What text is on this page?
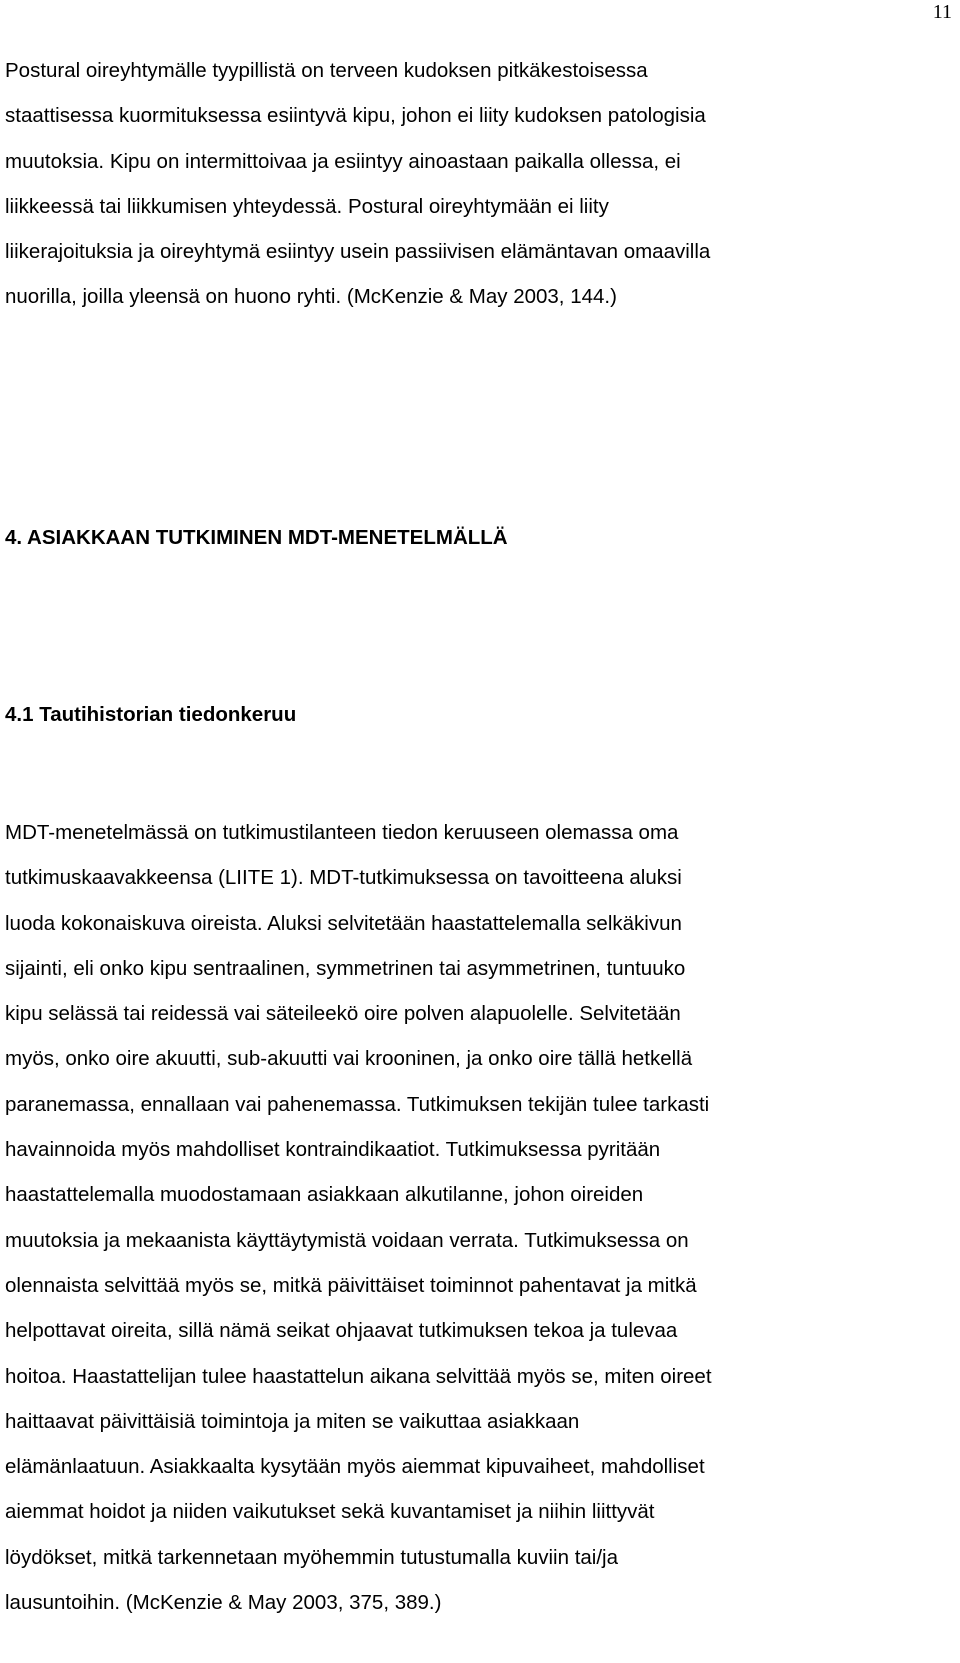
11

Postural oireyhtymälle tyypillistä on terveen kudoksen pitkäkestoisessa
staattisessa kuormituksessa esiintyvä kipu, johon ei liity kudoksen patologisia
muutoksia. Kipu on intermittoivaa ja esiintyy ainoastaan paikalla ollessa, ei
liikkeessä tai liikkumisen yhteydessä. Postural oireyhtymään ei liity
liikerajoituksia ja oireyhtymä esiintyy usein passiivisen elämäntavan omaavilla
nuorilla, joilla yleensä on huono ryhti. (McKenzie & May 2003, 144.)

4. ASIAKKAAN TUTKIMINEN MDT-MENETELMÄLLÄ
4.1 Tautihistorian tiedonkeruu

MDT-menetelmässä on tutkimustilanteen tiedon keruuseen olemassa oma
tutkimuskaavakkeensa (LIITE 1). MDT-tutkimuksessa on tavoitteena aluksi
luoda kokonaiskuva oireista. Aluksi selvitetään haastattelemalla selkäkivun
sijainti, eli onko kipu sentraalinen, symmetrinen tai asymmetrinen, tuntuuko
kipu selässä tai reidessä vai säteileekö oire polven alapuolelle. Selvitetään
myös, onko oire akuutti, sub-akuutti vai krooninen, ja onko oire tällä hetkellä
paranemassa, ennallaan vai pahenemassa. Tutkimuksen tekijän tulee tarkasti
havainnoida myös mahdolliset kontraindikaatiot. Tutkimuksessa pyritään
haastattelemalla muodostamaan asiakkaan alkutilanne, johon oireiden
muutoksia ja mekaanista käyttäytymistä voidaan verrata. Tutkimuksessa on
olennaista selvittää myös se, mitkä päivittäiset toiminnot pahentavat ja mitkä
helpottavat oireita, sillä nämä seikat ohjaavat tutkimuksen tekoa ja tulevaa
hoitoa. Haastattelijan tulee haastattelun aikana selvittää myös se, miten oireet
haittaavat päivittäisiä toimintoja ja miten se vaikuttaa asiakkaan
elämänlaatuun. Asiakkaalta kysytään myös aiemmat kipuvaiheet, mahdolliset
aiemmat hoidot ja niiden vaikutukset sekä kuvantamiset ja niihin liittyvät
löydökset, mitkä tarkennetaan myöhemmin tutustumalla kuviin tai/ja
lausuntoihin. (McKenzie & May 2003, 375, 389.)
